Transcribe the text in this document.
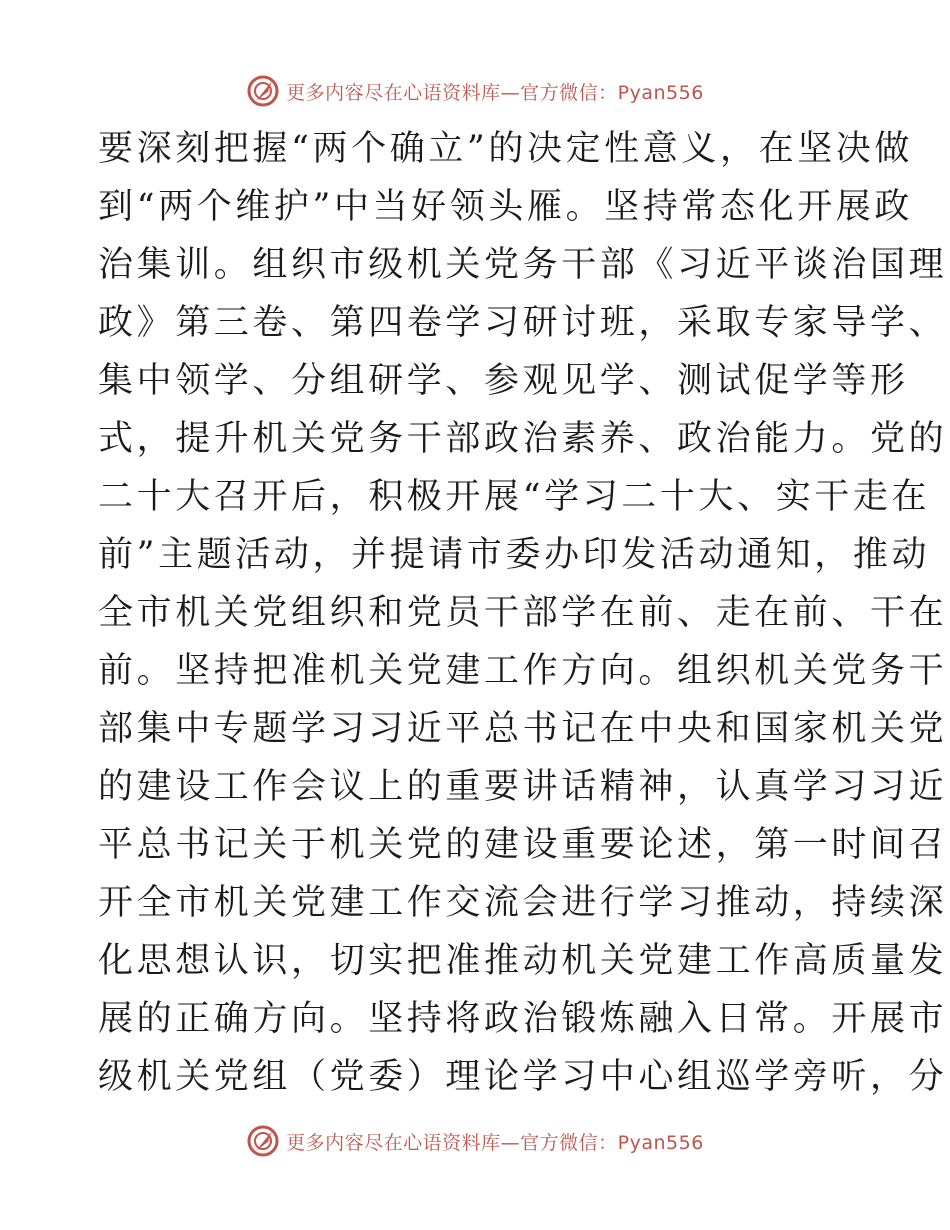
更多内容尽在心语资料库—官方微信：Pyan556
要深刻把握“两个确立”的决定性意义，在坚决做
到“两个维护”中当好领头雁。坚持常态化开展政
治集训。组织市级机关党务干部《习近平谈治国理
政》第三卷、第四卷学习研讨班，采取专家导学、
集中领学、分组研学、参观见学、测试促学等形
式，提升机关党务干部政治素养、政治能力。党的
二十大召开后，积极开展“学习二十大、实干走在
前”主题活动，并提请市委办印发活动通知，推动
全市机关党组织和党员干部学在前、走在前、干在
前。坚持把准机关党建工作方向。组织机关党务干
部集中专题学习习近平总书记在中央和国家机关党
的建设工作会议上的重要讲话精神，认真学习习近
平总书记关于机关党的建设重要论述，第一时间召
开全市机关党建工作交流会进行学习推动，持续深
化思想认识，切实把准推动机关党建工作高质量发
展的正确方向。坚持将政治锻炼融入日常。开展市
级机关党组（党委）理论学习中心组巡学旁听，分
更多内容尽在心语资料库—官方微信：Pyan556
